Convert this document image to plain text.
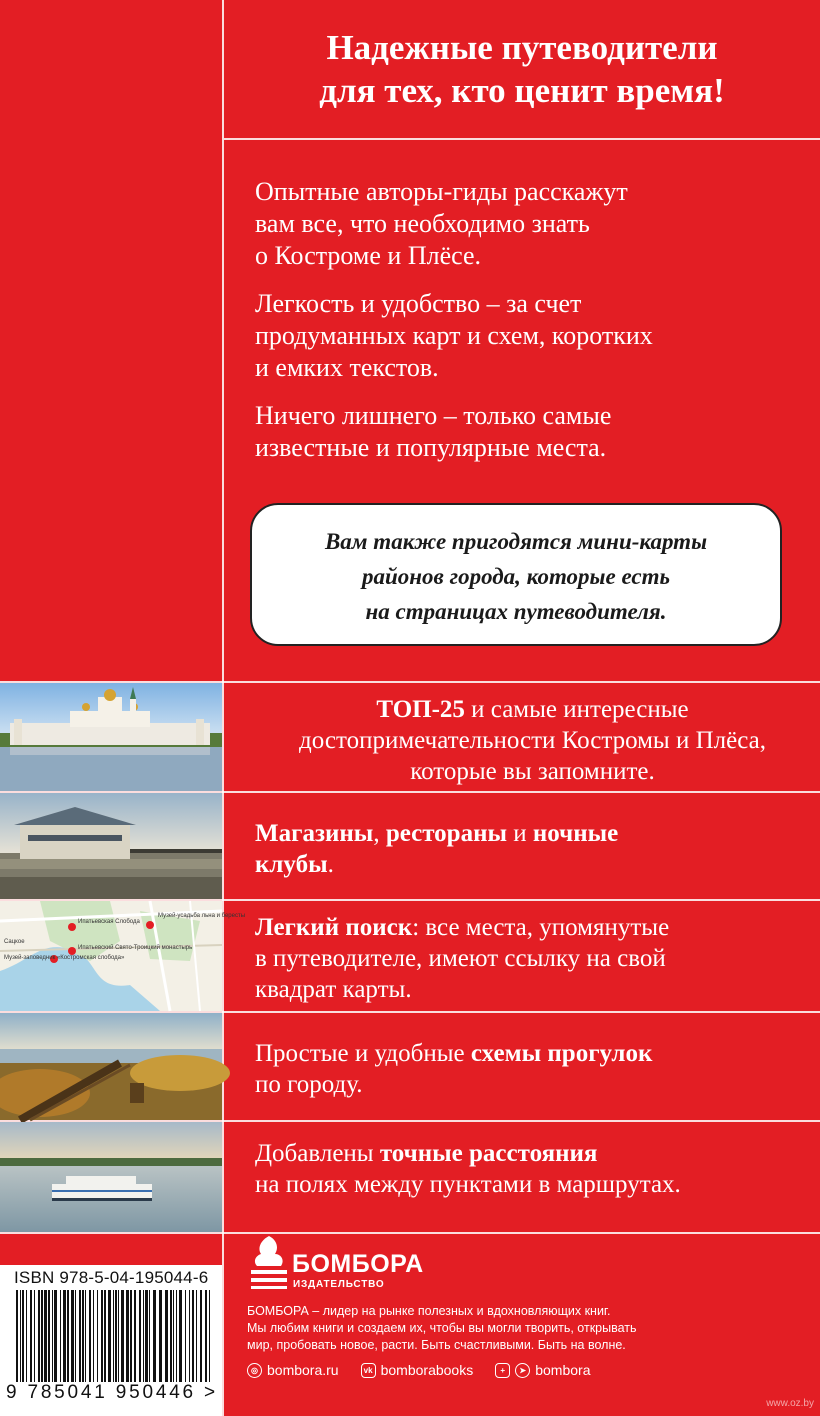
Надежные путеводители
для тех, кто ценит время!
Опытные авторы-гиды расскажут
вам все, что необходимо знать
о Костроме и Плёсе.
Легкость и удобство – за счет
продуманных карт и схем, коротких
и емких текстов.
Ничего лишнего – только самые
известные и популярные места.
Вам также пригодятся мини-карты
районов города, которые есть
на страницах путеводителя.
Ипатьевская Слобода
Музей-усадьба льна и бересты
Ипатьевский Свято-Троицкий монастырь
Музей-заповедник «Костромская слобода»
Сацкое
ТОП-25 и самые интересные
достопримечательности Костромы и Плёса,
которые вы запомните.
Магазины, рестораны и ночные
клубы.
Легкий поиск: все места, упомянутые
в путеводителе, имеют ссылку на свой
квадрат карты.
Простые и удобные схемы прогулок
по городу.
Добавлены точные расстояния
на полях между пунктами в маршрутах.
ISBN 978-5-04-195044-6
9 785041 950446 >
БОМБОРА
ИЗДАТЕЛЬСТВО
БОМБОРА – лидер на рынке полезных и вдохновляющих книг.
Мы любим книги и создаем их, чтобы вы могли творить, открывать
мир, пробовать новое, расти. Быть счастливыми. Быть на волне.
◎ bombora.ru	vk bomborabooks	+	➤ bombora
www.oz.by
